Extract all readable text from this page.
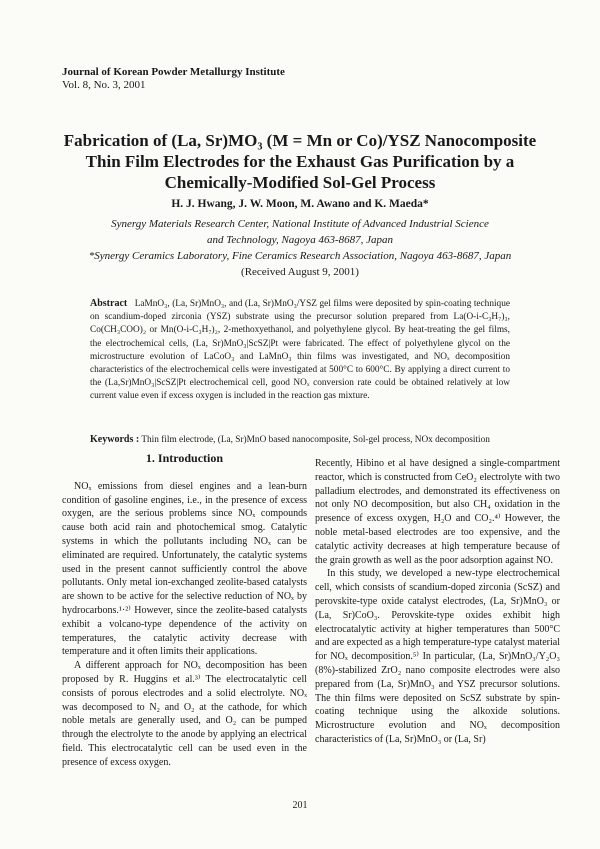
Journal of Korean Powder Metallurgy Institute
Vol. 8, No. 3, 2001
Fabrication of (La, Sr)MO₃ (M = Mn or Co)/YSZ Nanocomposite
Thin Film Electrodes for the Exhaust Gas Purification by a
Chemically-Modified Sol-Gel Process
H. J. Hwang, J. W. Moon, M. Awano and K. Maeda*
Synergy Materials Research Center, National Institute of Advanced Industrial Science
and Technology, Nagoya 463-8687, Japan
*Synergy Ceramics Laboratory, Fine Ceramics Research Association, Nagoya 463-8687, Japan
(Received August 9, 2001)
Abstract LaMnO₃, (La, Sr)MnO₃, and (La, Sr)MnO₃/YSZ gel films were deposited by spin-coating technique on scandium-doped zirconia (YSZ) substrate using the precursor solution prepared from La(O-i-C₃H₇)₃, Co(CH₃COO)₂ or Mn(O-i-C₃H₇)₂, 2-methoxyethanol, and polyethylene glycol. By heat-treating the gel films, the electrochemical cells, (La, Sr)MnO₃|ScSZ|Pt were fabricated. The effect of polyethylene glycol on the microstructure evolution of LaCoO₃ and LaMnO₃ thin films was investigated, and NOₓ decomposition characteristics of the electrochemical cells were investigated at 500°C to 600°C. By applying a direct current to the (La,Sr)MnO₃|ScSZ|Pt electrochemical cell, good NOₓ conversion rate could be obtained relatively at low current value even if excess oxygen is included in the reaction gas mixture.
Keywords : Thin film electrode, (La, Sr)MnO based nanocomposite, Sol-gel process, NOx decomposition
1. Introduction

NOₓ emissions from diesel engines and a lean-burn condition of gasoline engines, i.e., in the presence of excess oxygen, are the serious problems since NOₓ compounds cause both acid rain and photochemical smog. Catalytic systems in which the pollutants including NOₓ can be eliminated are required. Unfortunately, the catalytic systems used in the present cannot sufficiently control the above pollutants. Only metal ion-exchanged zeolite-based catalysts are shown to be active for the selective reduction of NOₓ by hydrocarbons.¹·²⁾ However, since the zeolite-based catalysts exhibit a volcano-type dependence of the activity on temperatures, the catalytic activity decrease with temperature and it often limits their applications.

A different approach for NOₓ decomposition has been proposed by R. Huggins et al.³⁾ The electrocatalytic cell consists of porous electrodes and a solid electrolyte. NOₓ was decomposed to N₂ and O₂ at the cathode, for which noble metals are generally used, and O₂ can be pumped through the electrolyte to the anode by applying an electrical field. This electrocatalytic cell can be used even in the presence of excess oxygen.

Recently, Hibino et al have designed a single-compartment reactor, which is constructed from CeO₂ electrolyte with two palladium electrodes, and demonstrated its effectiveness on not only NO decomposition, but also CH₄ oxidation in the presence of excess oxygen, H₂O and CO₂.⁴⁾ However, the noble metal-based electrodes are too expensive, and the catalytic activity decreases at high temperature because of the grain growth as well as the poor adsorption against NO.

In this study, we developed a new-type electrochemical cell, which consists of scandium-doped zirconia (ScSZ) and perovskite-type oxide catalyst electrodes, (La, Sr)MnO₃ or (La, Sr)CoO₃. Perovskite-type oxides exhibit high electrocatalytic activity at higher temperatures than 500°C and are expected as a high temperature-type catalyst material for NOₓ decomposition.⁵⁾ In particular, (La, Sr)MnO₃/Y₂O₃ (8%)-stabilized ZrO₂ nano composite electrodes were also prepared from (La, Sr)MnO₃ and YSZ precursor solutions. The thin films were deposited on ScSZ substrate by spin-coating technique using the alkoxide solutions. Microstructure evolution and NOₓ decomposition characteristics of (La, Sr)MnO₃ or (La, Sr)

201
